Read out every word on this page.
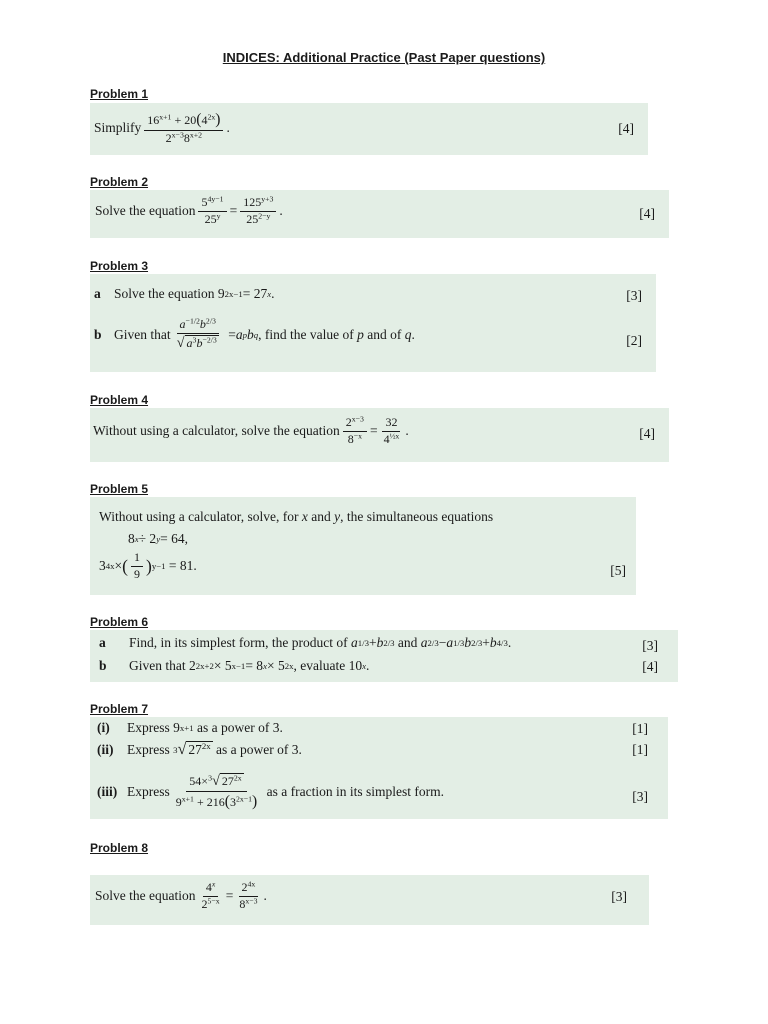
INDICES: Additional Practice (Past Paper questions)
Problem 1
Simplify $\frac{16^{x+1} + 20(4^{2x})}{2^{x-3}8^{x+2}}$ .	[4]
Problem 2
Solve the equation $\frac{5^{4y-1}}{25^y} = \frac{125^{y+3}}{25^{2-y}}$ .	[4]
Problem 3
a Solve the equation 9 2x−1 = 27 x .	[3]
b Given that $\frac{a^{-1/2}b^{2/3}}{√ a^3b^{-2/3}} = a$ p b q , find the value of
p
and of
q .	[2]
Problem 4
Without using a calculator, solve the equation $\frac{2^{x-3}}{8^{-x}} = \frac{32}{4^{\frac{1}{2}x}}$ .	[4]
Problem 5
Without using a calculator, solve, for
x
and
y , the simultaneous equations
8 x ÷ 2 y = 64,
3 4x × ( $\frac{1}{9}$ ) y−1 = 81.	[5]
Problem 6
a	Find, in its simplest form, the product of
a 1/3 + b 2/3
and
a 2/3 − a 1/3 b 2/3 + b 4/3 .	[3]
b	Given that 2 2x+2 × 5 x−1 = 8 x × 5 2x , evaluate 10 x .	[4]
Problem 7
(i)	Express 9 x+1
as a power of 3.	[1]
(ii)	Express
3 √ $27^{2x}$
as a power of 3.	[1]
(iii) Express $\frac{54\times^3√ 27^{2x}}{9^{x+1} + 216(3^{2x-1})}$
as a fraction in its simplest form.	[3]
Problem 8
Solve the equation $\frac{4^x}{2^{5-x}} = \frac{2^{4x}}{8^{x-3}}$ .	[3]
